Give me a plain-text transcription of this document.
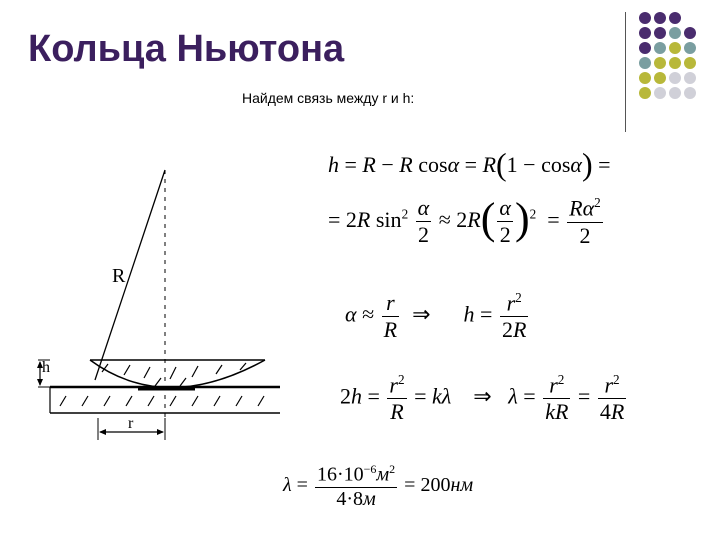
Кольца Ньютона
Найдем связь между r и h:
R
h
r
h = R − R cosα = R(1 − cosα) =
= 2R $\sin^2 \frac{\alpha}{2} \approx 2R( \frac{\alpha}{2} )^2 = \frac{R\alpha^2}{2}$
$\alpha \approx \frac{r}{R}$ ⇒      $h = \frac{r^2}{2R}$
$2h = \frac{r^2}{R} = k\lambda$    ⇒   $\lambda = \frac{r^2}{kR} = \frac{r^2}{4R}$
$\lambda = \frac{16\cdot 10^{-6}м^2}{4\cdot 8м} = 200нм$
